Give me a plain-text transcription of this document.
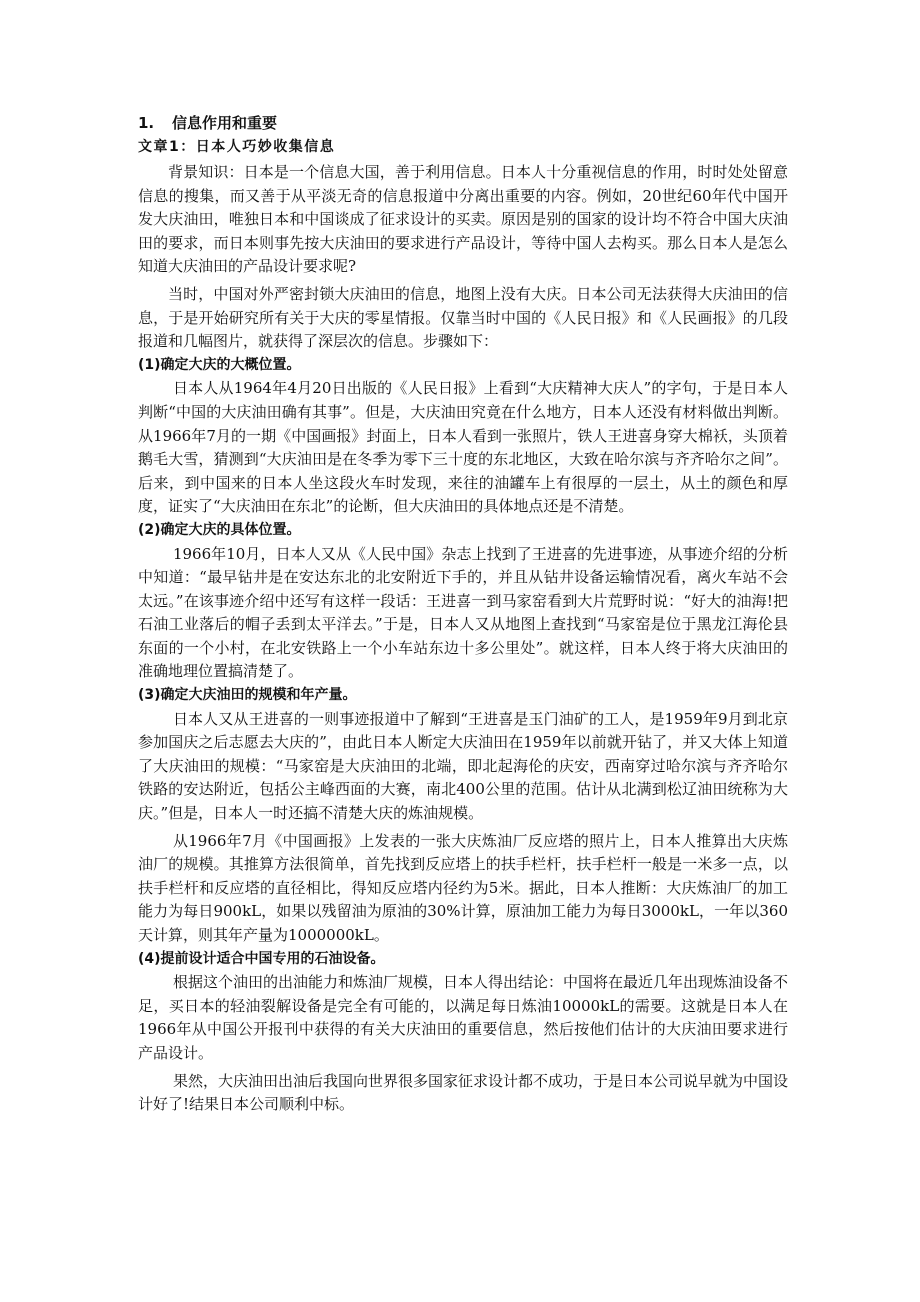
1. 信息作用和重要
文章1：日本人巧妙收集信息

背景知识：日本是一个信息大国，善于利用信息。日本人十分重视信息的作用，时时处处留意信息的搜集，而又善于从平淡无奇的信息报道中分离出重要的内容。例如，20世纪60年代中国开发大庆油田，唯独日本和中国谈成了征求设计的买卖。原因是别的国家的设计均不符合中国大庆油田的要求，而日本则事先按大庆油田的要求进行产品设计，等待中国人去构买。那么日本人是怎么知道大庆油田的产品设计要求呢?

当时，中国对外严密封锁大庆油田的信息，地图上没有大庆。日本公司无法获得大庆油田的信息，于是开始研究所有关于大庆的零星情报。仅靠当时中国的《人民日报》和《人民画报》的几段报道和几幅图片，就获得了深层次的信息。步骤如下：

(1)确定大庆的大概位置。

日本人从1964年4月20日出版的《人民日报》上看到“大庆精神大庆人”的字句，于是日本人判断“中国的大庆油田确有其事”。但是，大庆油田究竟在什么地方，日本人还没有材料做出判断。从1966年7月的一期《中国画报》封面上，日本人看到一张照片，铁人王进喜身穿大棉袄，头顶着鹅毛大雪，猜测到“大庆油田是在冬季为零下三十度的东北地区，大致在哈尔滨与齐齐哈尔之间”。后来，到中国来的日本人坐这段火车时发现，来往的油罐车上有很厚的一层土，从土的颜色和厚度，证实了“大庆油田在东北”的论断，但大庆油田的具体地点还是不清楚。

(2)确定大庆的具体位置。

1966年10月，日本人又从《人民中国》杂志上找到了王进喜的先进事迹，从事迹介绍的分析中知道：“最早钻井是在安达东北的北安附近下手的，并且从钻井设备运输情况看，离火车站不会太远。”在该事迹介绍中还写有这样一段话：王进喜一到马家窑看到大片荒野时说：“好大的油海!把石油工业落后的帽子丢到太平洋去。”于是，日本人又从地图上查找到“马家窑是位于黑龙江海伦县东面的一个小村，在北安铁路上一个小车站东边十多公里处”。就这样，日本人终于将大庆油田的准确地理位置搞清楚了。

(3)确定大庆油田的规模和年产量。

日本人又从王进喜的一则事迹报道中了解到“王进喜是玉门油矿的工人，是1959年9月到北京参加国庆之后志愿去大庆的”，由此日本人断定大庆油田在1959年以前就开钻了，并又大体上知道了大庆油田的规模：“马家窑是大庆油田的北端，即北起海伦的庆安，西南穿过哈尔滨与齐齐哈尔铁路的安达附近，包括公主峰西面的大赛，南北400公里的范围。估计从北满到松辽油田统称为大庆。”但是，日本人一时还搞不清楚大庆的炼油规模。

从1966年7月《中国画报》上发表的一张大庆炼油厂反应塔的照片上，日本人推算出大庆炼油厂的规模。其推算方法很简单，首先找到反应塔上的扶手栏杆，扶手栏杆一般是一米多一点，以扶手栏杆和反应塔的直径相比，得知反应塔内径约为5米。据此，日本人推断：大庆炼油厂的加工能力为每日900kL，如果以残留油为原油的30%计算，原油加工能力为每日3000kL，一年以360天计算，则其年产量为1000000kL。

(4)提前设计适合中国专用的石油设备。

根据这个油田的出油能力和炼油厂规模，日本人得出结论：中国将在最近几年出现炼油设备不足，买日本的轻油裂解设备是完全有可能的，以满足每日炼油10000kL的需要。这就是日本人在1966年从中国公开报刊中获得的有关大庆油田的重要信息，然后按他们估计的大庆油田要求进行产品设计。

果然，大庆油田出油后我国向世界很多国家征求设计都不成功，于是日本公司说早就为中国设计好了!结果日本公司顺利中标。
